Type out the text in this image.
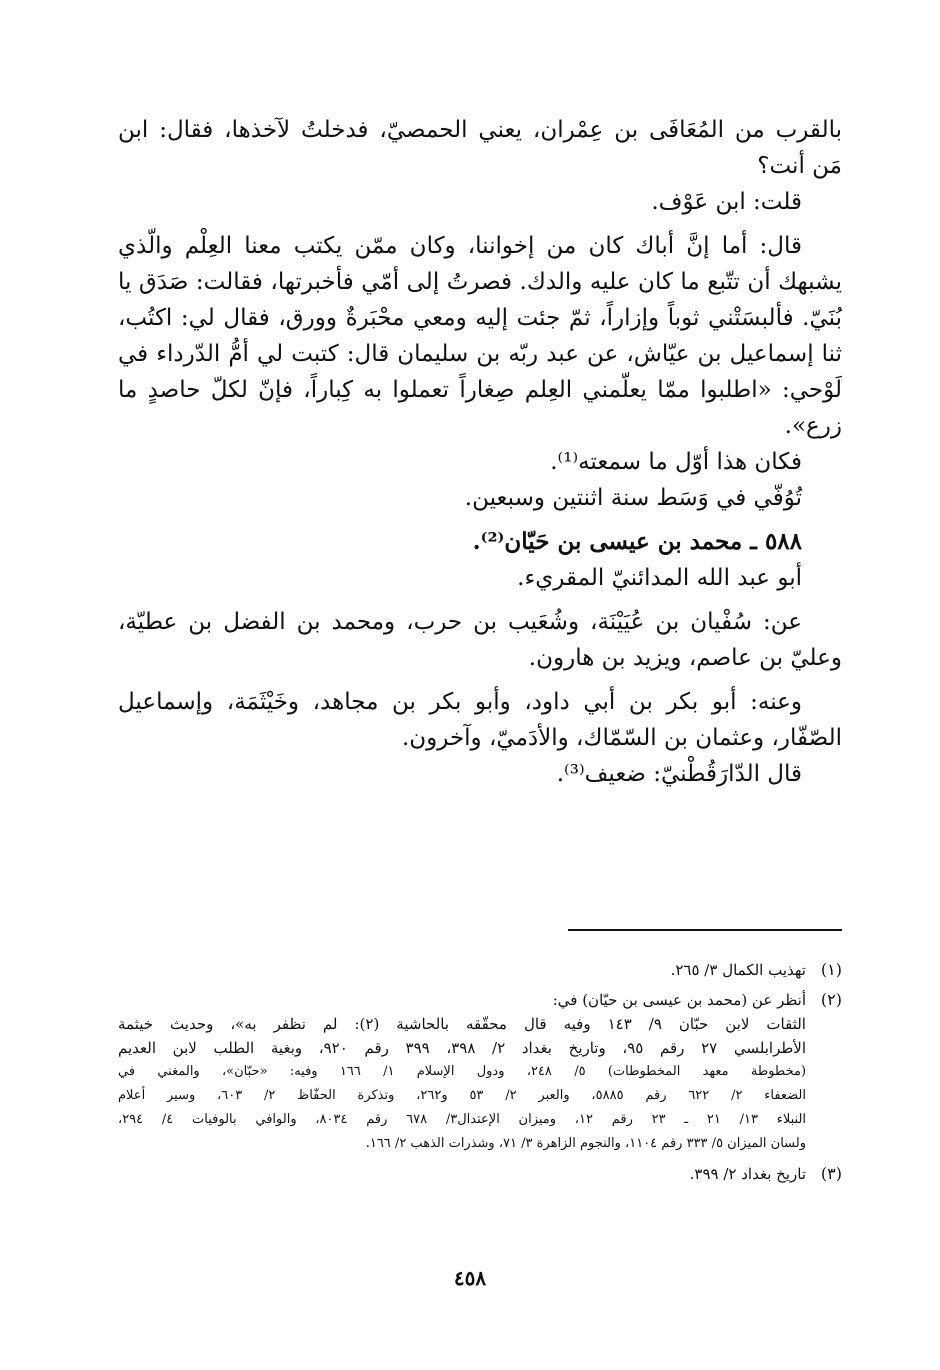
بالقرب من المُعَافَى بن عِمْران، يعني الحمصيّ، فدخلتُ لآخذها، فقال: ابن
مَن أنت؟
قلت: ابن عَوْف.
قال: أما إنَّ أباك كان من إخواننا، وكان ممّن يكتب معنا العِلْم والّذي
يشبهك أن تتّبع ما كان عليه والدك. فصرتُ إلى أمّي فأخبرتها، فقالت: صَدَق يا
بُنَيّ. فألبسَتْني ثوباً وإزاراً، ثمّ جئت إليه ومعي محْبَرةٌ وورق، فقال لي: اكتُب،
ثنا إسماعيل بن عيّاش، عن عبد ربّه بن سليمان قال: كتبت لي أمُّ الدّرداء في
لَوْحي: «اطلبوا ممّا يعلّمني العِلم صِغاراً تعملوا به كِباراً، فإنّ لكلّ حاصدٍ ما
زرع».
فكان هذا أوّل ما سمعته⁽¹⁾.
تُوُفّي في وَسَط سنة اثنتين وسبعين.
٥٨٨ ـ محمد بن عيسى بن حَيّان⁽²⁾.
أبو عبد الله المدائنيّ المقريء.
عن: سُفْيان بن عُيَيْنَة، وشُعَيب بن حرب، ومحمد بن الفضل بن عطيّة،
وعليّ بن عاصم، ويزيد بن هارون.
وعنه: أبو بكر بن أبي داود، وأبو بكر بن مجاهد، وخَيْثَمَة، وإسماعيل
الصّفّار، وعثمان بن السّمّاك، والأدَميّ، وآخرون.
قال الدّارَقُطْنيّ: ضعيف⁽³⁾.
(١)
تهذيب الكمال ٣/ ٢٦٥.
(٢)
أنظر عن (محمد بن عيسى بن حيّان) في:
الثقات لابن حبّان ٩/ ١٤٣ وفيه قال محقّقه بالحاشية (٢): لم نظفر به»، وحديث خيثمة
الأطرابلسي ٢٧ رقم ٩٥، وتاريخ بغداد ٢/ ٣٩٨، ٣٩٩ رقم ٩٢٠، وبغية الطلب لابن العديم
(مخطوطة معهد المخطوطات) ٥/ ٢٤٨، ودول الإسلام ١/ ١٦٦ وفيه: «حبّان»، والمغني في
الضعفاء ٢/ ٦٢٢ رقم ٥٨٨٥، والعبر ٢/ ٥٣ و٢٦٢، وتذكرة الحفّاظ ٢/ ٦٠٣، وسير أعلام
النبلاء ١٣/ ٢١ ـ ٢٣ رقم ١٢، وميزان الإعتدال٣/ ٦٧٨ رقم ٨٠٣٤، والوافي بالوفيات ٤/ ٢٩٤،
ولسان الميزان ٥/ ٣٣٣ رقم ١١٠٤، والنجوم الزاهرة ٣/ ٧١، وشذرات الذهب ٢/ ١٦٦.
(٣)
تاريخ بغداد ٢/ ٣٩٩.
٤٥٨
